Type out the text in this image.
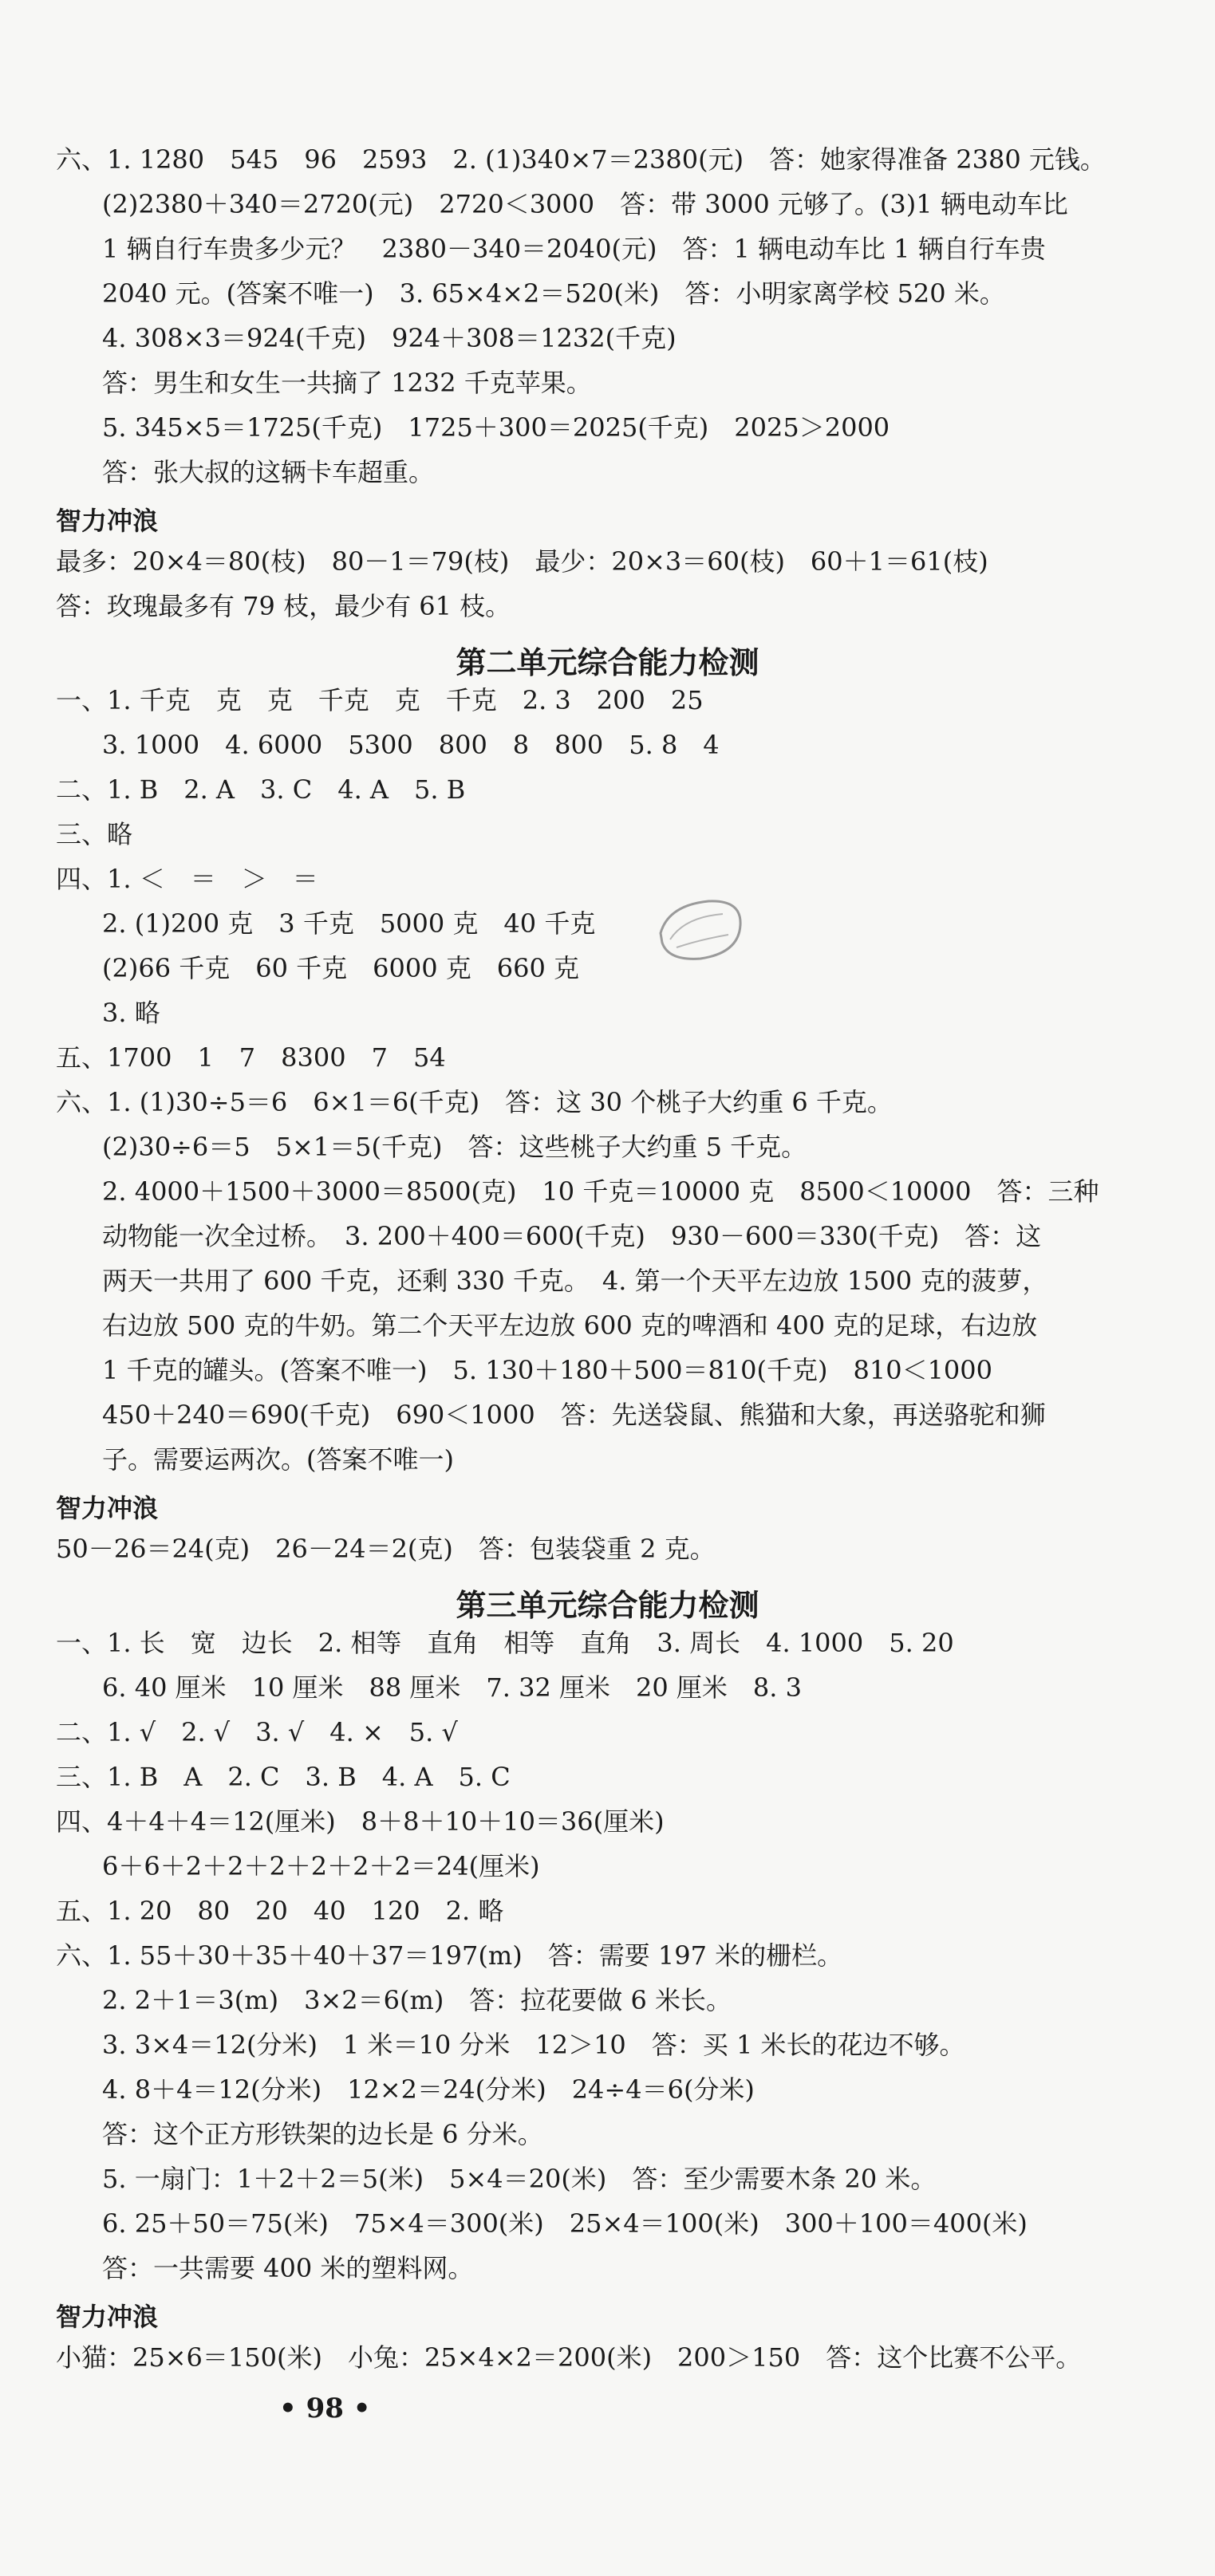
六、1. 1280　545　96　2593　2. (1)340×7＝2380(元)　答：她家得准备 2380 元钱。
(2)2380＋340＝2720(元)　2720＜3000　答：带 3000 元够了。(3)1 辆电动车比
1 辆自行车贵多少元？　2380－340＝2040(元)　答：1 辆电动车比 1 辆自行车贵
2040 元。(答案不唯一)　3. 65×4×2＝520(米)　答：小明家离学校 520 米。
4. 308×3＝924(千克)　924＋308＝1232(千克)
答：男生和女生一共摘了 1232 千克苹果。
5. 345×5＝1725(千克)　1725＋300＝2025(千克)　2025＞2000
答：张大叔的这辆卡车超重。
智力冲浪
最多：20×4＝80(枝)　80－1＝79(枝)　最少：20×3＝60(枝)　60＋1＝61(枝)
答：玫瑰最多有 79 枝，最少有 61 枝。
第二单元综合能力检测
一、1. 千克　克　克　千克　克　千克　2. 3　200　25
3. 1000　4. 6000　5300　800　8　800　5. 8　4
二、1. B　2. A　3. C　4. A　5. B
三、略
四、1. ＜　＝　＞　＝
2. (1)200 克　3 千克　5000 克　40 千克
(2)66 千克　60 千克　6000 克　660 克
3. 略
五、1700　1　7　8300　7　54
六、1. (1)30÷5＝6　6×1＝6(千克)　答：这 30 个桃子大约重 6 千克。
(2)30÷6＝5　5×1＝5(千克)　答：这些桃子大约重 5 千克。
2. 4000＋1500＋3000＝8500(克)　10 千克＝10000 克　8500＜10000　答：三种
动物能一次全过桥。　3. 200＋400＝600(千克)　930－600＝330(千克)　答：这
两天一共用了 600 千克，还剩 330 千克。　4. 第一个天平左边放 1500 克的菠萝，
右边放 500 克的牛奶。第二个天平左边放 600 克的啤酒和 400 克的足球，右边放
1 千克的罐头。(答案不唯一)　5. 130＋180＋500＝810(千克)　810＜1000
450＋240＝690(千克)　690＜1000　答：先送袋鼠、熊猫和大象，再送骆驼和狮
子。需要运两次。(答案不唯一)
智力冲浪
50－26＝24(克)　26－24＝2(克)　答：包装袋重 2 克。
第三单元综合能力检测
一、1. 长　宽　边长　2. 相等　直角　相等　直角　3. 周长　4. 1000　5. 20
6. 40 厘米　10 厘米　88 厘米　7. 32 厘米　20 厘米　8. 3
二、1. √　2. √　3. √　4. ×　5. √
三、1. B　A　2. C　3. B　4. A　5. C
四、4＋4＋4＝12(厘米)　8＋8＋10＋10＝36(厘米)
6＋6＋2＋2＋2＋2＋2＋2＝24(厘米)
五、1. 20　80　20　40　120　2. 略
六、1. 55＋30＋35＋40＋37＝197(m)　答：需要 197 米的栅栏。
2. 2＋1＝3(m)　3×2＝6(m)　答：拉花要做 6 米长。
3. 3×4＝12(分米)　1 米＝10 分米　12＞10　答：买 1 米长的花边不够。
4. 8＋4＝12(分米)　12×2＝24(分米)　24÷4＝6(分米)
答：这个正方形铁架的边长是 6 分米。
5. 一扇门：1＋2＋2＝5(米)　5×4＝20(米)　答：至少需要木条 20 米。
6. 25＋50＝75(米)　75×4＝300(米)　25×4＝100(米)　300＋100＝400(米)
答：一共需要 400 米的塑料网。
智力冲浪
小猫：25×6＝150(米)　小兔：25×4×2＝200(米)　200＞150　答：这个比赛不公平。
• 98 •
